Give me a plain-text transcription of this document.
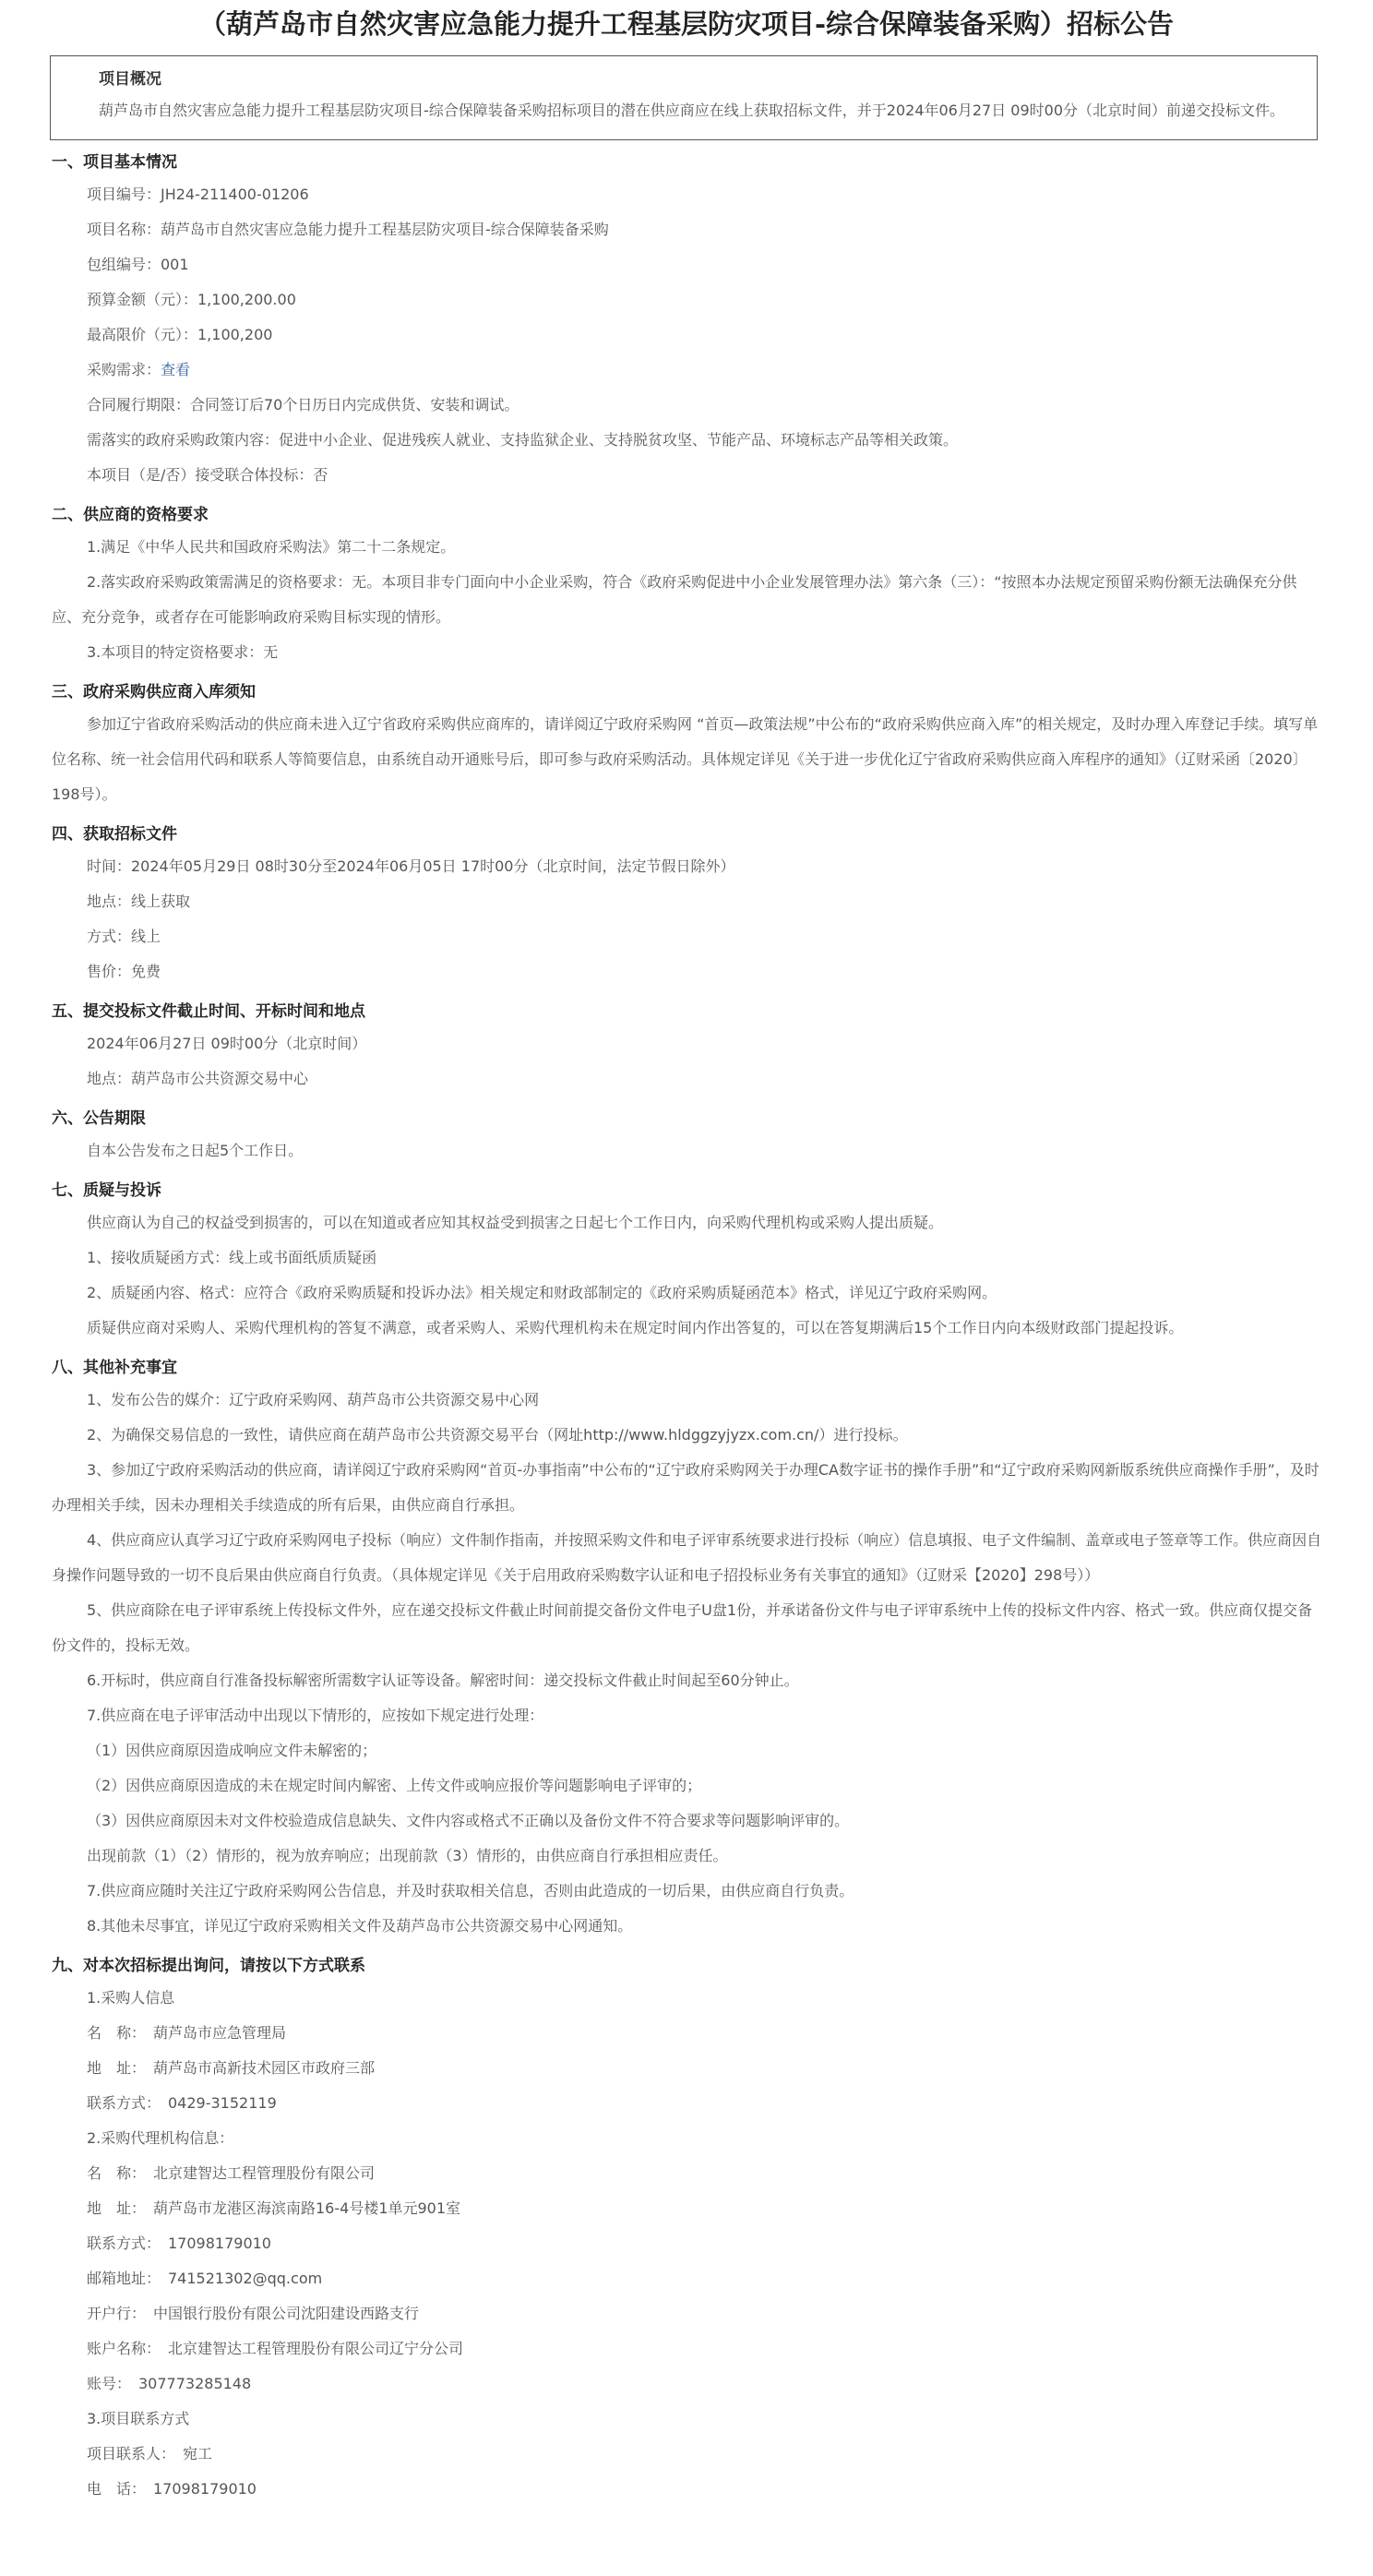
（葫芦岛市自然灾害应急能力提升工程基层防灾项目-综合保障装备采购）招标公告
项目概况
葫芦岛市自然灾害应急能力提升工程基层防灾项目-综合保障装备采购招标项目的潜在供应商应在线上获取招标文件，并于2024年06月27日 09时00分（北京时间）前递交投标文件。
一、项目基本情况
项目编号：JH24-211400-01206
项目名称：葫芦岛市自然灾害应急能力提升工程基层防灾项目-综合保障装备采购
包组编号：001
预算金额（元）：1,100,200.00
最高限价（元）：1,100,200
采购需求：查看
合同履行期限：合同签订后70个日历日内完成供货、安装和调试。
需落实的政府采购政策内容：促进中小企业、促进残疾人就业、支持监狱企业、支持脱贫攻坚、节能产品、环境标志产品等相关政策。
本项目（是/否）接受联合体投标：否
二、供应商的资格要求
1.满足《中华人民共和国政府采购法》第二十二条规定。
2.落实政府采购政策需满足的资格要求：无。本项目非专门面向中小企业采购，符合《政府采购促进中小企业发展管理办法》第六条（三）：“按照本办法规定预留采购份额无法确保充分供应、充分竞争，或者存在可能影响政府采购目标实现的情形。
3.本项目的特定资格要求：无
三、政府采购供应商入库须知
参加辽宁省政府采购活动的供应商未进入辽宁省政府采购供应商库的，请详阅辽宁政府采购网 “首页—政策法规”中公布的“政府采购供应商入库”的相关规定，及时办理入库登记手续。填写单位名称、统一社会信用代码和联系人等简要信息，由系统自动开通账号后，即可参与政府采购活动。具体规定详见《关于进一步优化辽宁省政府采购供应商入库程序的通知》（辽财采函〔2020〕198号）。
四、获取招标文件
时间：2024年05月29日 08时30分至2024年06月05日 17时00分（北京时间，法定节假日除外）
地点：线上获取
方式：线上
售价：免费
五、提交投标文件截止时间、开标时间和地点
2024年06月27日 09时00分（北京时间）
地点：葫芦岛市公共资源交易中心
六、公告期限
自本公告发布之日起5个工作日。
七、质疑与投诉
供应商认为自己的权益受到损害的，可以在知道或者应知其权益受到损害之日起七个工作日内，向采购代理机构或采购人提出质疑。
1、接收质疑函方式：线上或书面纸质质疑函
2、质疑函内容、格式：应符合《政府采购质疑和投诉办法》相关规定和财政部制定的《政府采购质疑函范本》格式，详见辽宁政府采购网。
质疑供应商对采购人、采购代理机构的答复不满意，或者采购人、采购代理机构未在规定时间内作出答复的，可以在答复期满后15个工作日内向本级财政部门提起投诉。
八、其他补充事宜
1、发布公告的媒介：辽宁政府采购网、葫芦岛市公共资源交易中心网
2、为确保交易信息的一致性，请供应商在葫芦岛市公共资源交易平台（网址http://www.hldggzyjyzx.com.cn/）进行投标。
3、参加辽宁政府采购活动的供应商，请详阅辽宁政府采购网“首页-办事指南”中公布的“辽宁政府采购网关于办理CA数字证书的操作手册”和“辽宁政府采购网新版系统供应商操作手册”，及时办理相关手续，因未办理相关手续造成的所有后果，由供应商自行承担。
4、供应商应认真学习辽宁政府采购网电子投标（响应）文件制作指南，并按照采购文件和电子评审系统要求进行投标（响应）信息填报、电子文件编制、盖章或电子签章等工作。供应商因自身操作问题导致的一切不良后果由供应商自行负责。（具体规定详见《关于启用政府采购数字认证和电子招投标业务有关事宜的通知》（辽财采【2020】298号））
5、供应商除在电子评审系统上传投标文件外，应在递交投标文件截止时间前提交备份文件电子U盘1份，并承诺备份文件与电子评审系统中上传的投标文件内容、格式一致。供应商仅提交备份文件的，投标无效。
6.开标时，供应商自行准备投标解密所需数字认证等设备。解密时间：递交投标文件截止时间起至60分钟止。
7.供应商在电子评审活动中出现以下情形的，应按如下规定进行处理：
（1）因供应商原因造成响应文件未解密的；
（2）因供应商原因造成的未在规定时间内解密、上传文件或响应报价等问题影响电子评审的；
（3）因供应商原因未对文件校验造成信息缺失、文件内容或格式不正确以及备份文件不符合要求等问题影响评审的。
出现前款（1）（2）情形的，视为放弃响应；出现前款（3）情形的，由供应商自行承担相应责任。
7.供应商应随时关注辽宁政府采购网公告信息，并及时获取相关信息，否则由此造成的一切后果，由供应商自行负责。
8.其他未尽事宜，详见辽宁政府采购相关文件及葫芦岛市公共资源交易中心网通知。
九、对本次招标提出询问，请按以下方式联系
1.采购人信息
名　称：　葫芦岛市应急管理局
地　址：　葫芦岛市高新技术园区市政府三部
联系方式：　0429-3152119
2.采购代理机构信息：
名　称：　北京建智达工程管理股份有限公司
地　址：　葫芦岛市龙港区海滨南路16-4号楼1单元901室
联系方式：　17098179010
邮箱地址：　741521302@qq.com
开户行：　中国银行股份有限公司沈阳建设西路支行
账户名称：　北京建智达工程管理股份有限公司辽宁分公司
账号：　307773285148
3.项目联系方式
项目联系人：　宛工
电　话：　17098179010
